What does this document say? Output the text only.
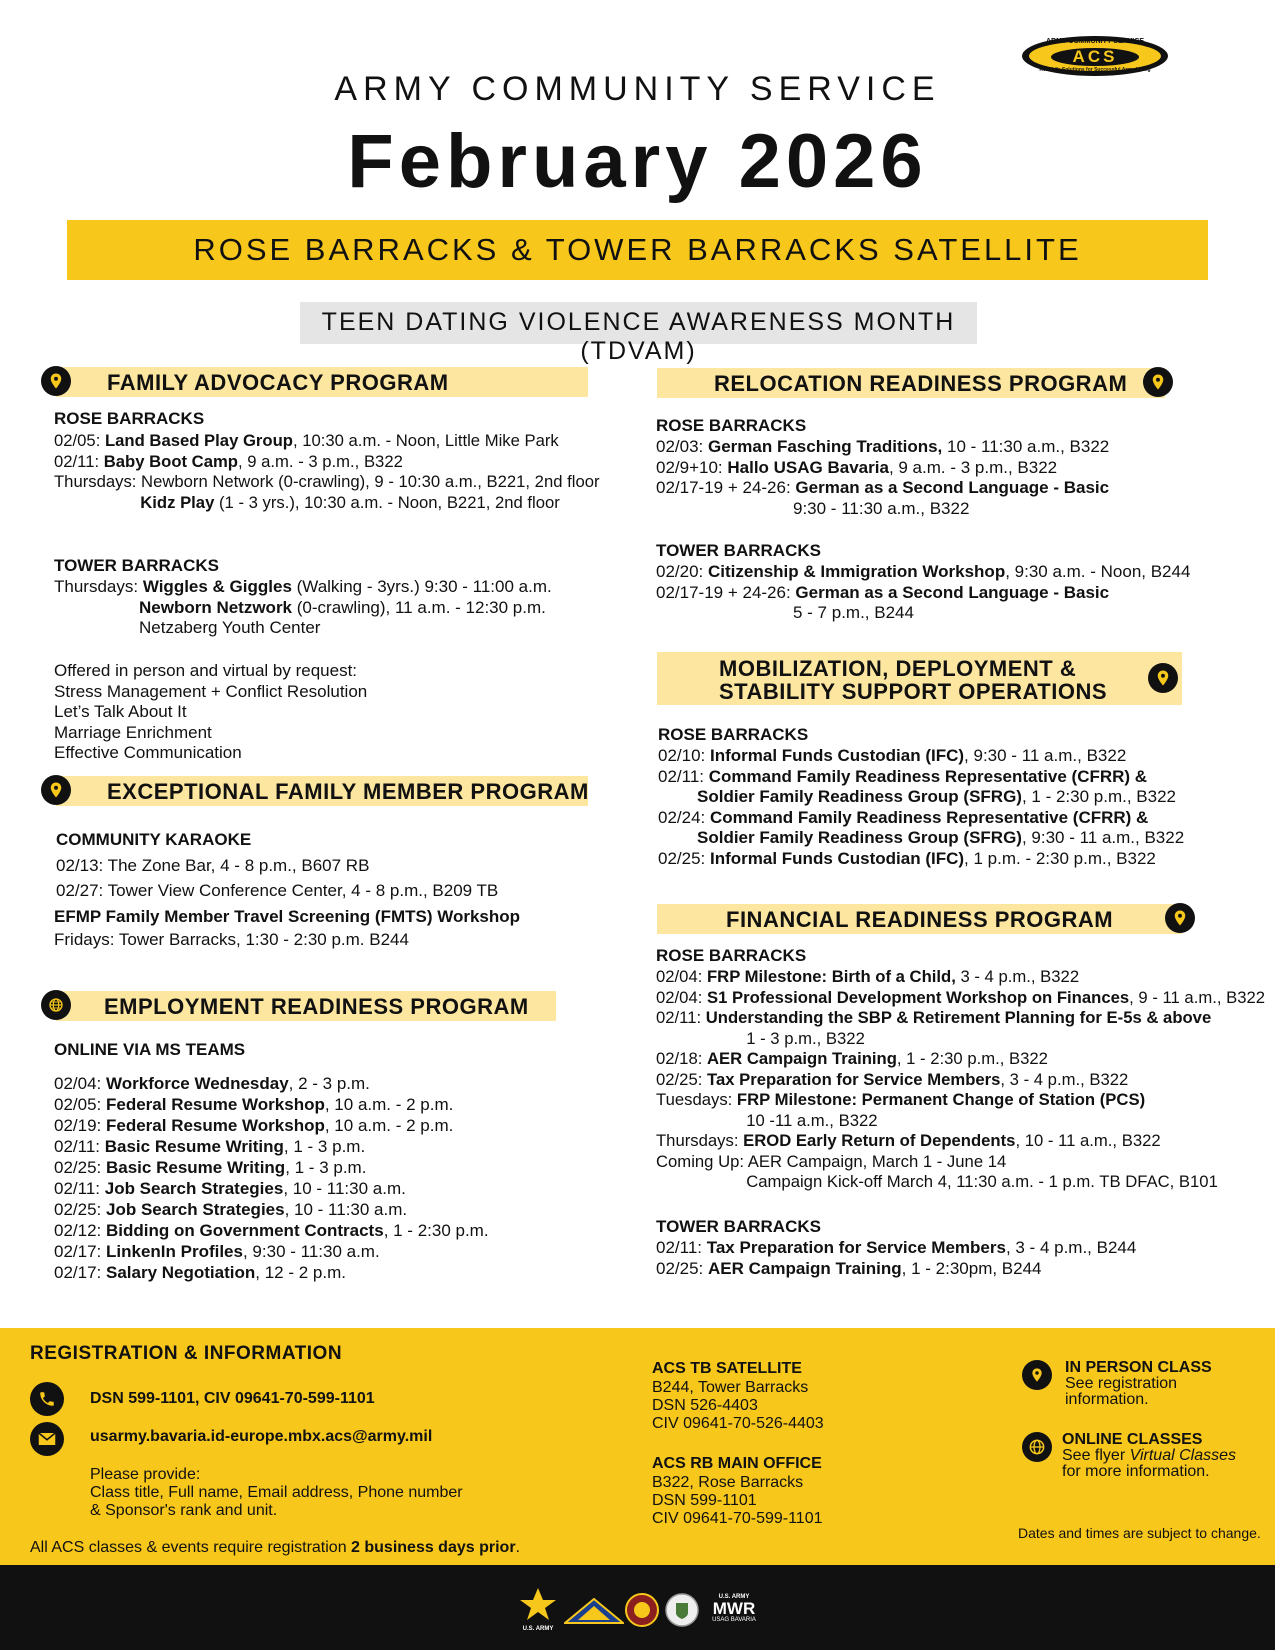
ARMY COMMUNITY SERVICE
ACS
Real-Life Solutions for Successful Army Living
ARMY COMMUNITY SERVICE
February 2026
ROSE BARRACKS & TOWER BARRACKS SATELLITE
TEEN DATING VIOLENCE AWARENESS MONTH (TDVAM)
FAMILY ADVOCACY PROGRAM
ROSE BARRACKS
02/05: Land Based Play Group, 10:30 a.m. - Noon, Little Mike Park
02/11: Baby Boot Camp, 9 a.m. - 3 p.m., B322
Thursdays: Newborn Network (0-crawling), 9 - 10:30 a.m., B221, 2nd floor
Kidz Play (1 - 3 yrs.), 10:30 a.m. - Noon, B221, 2nd floor
TOWER BARRACKS
Thursdays: Wiggles & Giggles (Walking - 3yrs.) 9:30 - 11:00 a.m.
Newborn Netzwork (0-crawling), 11 a.m. - 12:30 p.m.
Netzaberg Youth Center
Offered in person and virtual by request:
Stress Management + Conflict Resolution
Let’s Talk About It
Marriage Enrichment
Effective Communication
EXCEPTIONAL FAMILY MEMBER PROGRAM
COMMUNITY KARAOKE
02/13: The Zone Bar, 4 - 8 p.m., B607 RB
02/27: Tower View Conference Center, 4 - 8 p.m., B209 TB
EFMP Family Member Travel Screening (FMTS) Workshop
Fridays: Tower Barracks, 1:30 - 2:30 p.m. B244
EMPLOYMENT READINESS PROGRAM
ONLINE VIA MS TEAMS
02/04: Workforce Wednesday, 2 - 3 p.m.
02/05: Federal Resume Workshop, 10 a.m. - 2 p.m.
02/19: Federal Resume Workshop, 10 a.m. - 2 p.m.
02/11: Basic Resume Writing, 1 - 3 p.m.
02/25: Basic Resume Writing, 1 - 3 p.m.
02/11: Job Search Strategies, 10 - 11:30 a.m.
02/25: Job Search Strategies, 10 - 11:30 a.m.
02/12: Bidding on Government Contracts, 1 - 2:30 p.m.
02/17: LinkenIn Profiles, 9:30 - 11:30 a.m.
02/17: Salary Negotiation, 12 - 2 p.m.
RELOCATION READINESS PROGRAM
ROSE BARRACKS
02/03: German Fasching Traditions, 10 - 11:30 a.m., B322
02/9+10: Hallo USAG Bavaria, 9 a.m. - 3 p.m., B322
02/17-19 + 24-26: German as a Second Language - Basic
9:30 - 11:30 a.m., B322
TOWER BARRACKS
02/20: Citizenship & Immigration Workshop, 9:30 a.m. - Noon, B244
02/17-19 + 24-26: German as a Second Language - Basic
5 - 7 p.m., B244
MOBILIZATION, DEPLOYMENT &
STABILITY SUPPORT OPERATIONS
ROSE BARRACKS
02/10: Informal Funds Custodian (IFC), 9:30 - 11 a.m., B322
02/11: Command Family Readiness Representative (CFRR) &
Soldier Family Readiness Group (SFRG), 1 - 2:30 p.m., B322
02/24: Command Family Readiness Representative (CFRR) &
Soldier Family Readiness Group (SFRG), 9:30 - 11 a.m., B322
02/25: Informal Funds Custodian (IFC), 1 p.m. - 2:30 p.m., B322
FINANCIAL READINESS PROGRAM
ROSE BARRACKS
02/04: FRP Milestone: Birth of a Child, 3 - 4 p.m., B322
02/04: S1 Professional Development Workshop on Finances, 9 - 11 a.m., B322
02/11: Understanding the SBP & Retirement Planning for E-5s & above
1 - 3 p.m., B322
02/18: AER Campaign Training, 1 - 2:30 p.m., B322
02/25: Tax Preparation for Service Members, 3 - 4 p.m., B322
Tuesdays: FRP Milestone: Permanent Change of Station (PCS)
10 -11 a.m., B322
Thursdays: EROD Early Return of Dependents, 10 - 11 a.m., B322
Coming Up: AER Campaign, March 1 - June 14
Campaign Kick-off March 4, 11:30 a.m. - 1 p.m. TB DFAC, B101
TOWER BARRACKS
02/11: Tax Preparation for Service Members, 3 - 4 p.m., B244
02/25: AER Campaign Training, 1 - 2:30pm, B244
REGISTRATION & INFORMATION
DSN 599-1101, CIV 09641-70-599-1101
usarmy.bavaria.id-europe.mbx.acs@army.mil
Please provide:
Class title, Full name, Email address, Phone number
& Sponsor's rank and unit.
All ACS classes & events require registration 2 business days prior.
ACS TB SATELLITE
B244, Tower Barracks
DSN 526-4403
CIV 09641-70-526-4403
ACS RB MAIN OFFICE
B322, Rose Barracks
DSN 599-1101
CIV 09641-70-599-1101
IN PERSON CLASS
See registration
information.
ONLINE CLASSES
See flyer Virtual Classes
for more information.
Dates and times are subject to change.
U.S. ARMY
U.S. ARMY
MWR
USAG BAVARIA
